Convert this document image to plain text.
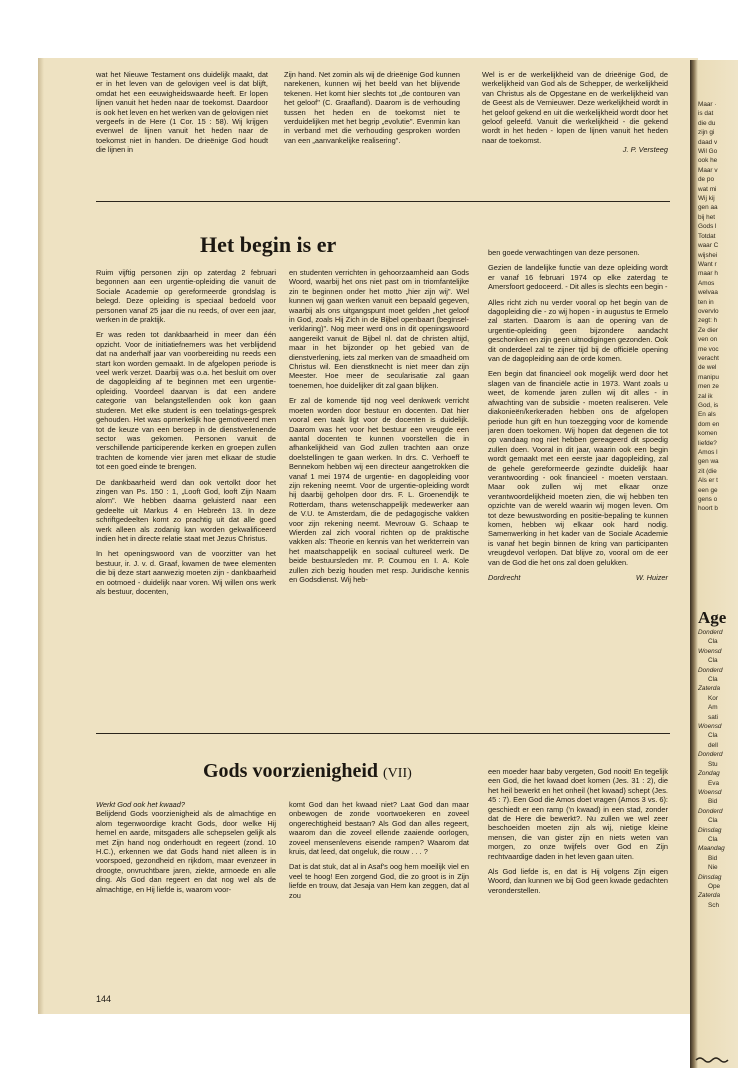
Maar ·
is dat
die du
zijn gi
daad v
Wil Go
ook he
Maar v
de po
wat mi
Wij kij
gen aa
bij het
Gods l
Totdat
waar C
wijshei
Want r
maar h
Amos
welvaa
ten in
overvlo
zegt: h
Ze dier
ven on
me voc
veracht
de wel
manipu
men ze
zal ik
God, is
En als
dom en
komen
liefde?
Amos l
gen wa
zit (die
Als er t
een ge
gens o
hoort b
Age
Donderd
Cla
Woensd
Cla
Donderd
Cla
Zaterda
Kor
Am
sati
Woensd
Cla
dell
Donderd
Stu
Zondag
Eva
Woensd
Bid
Donderd
Cla
Dinsdag
Cla
Maandag
Bid
Nie
Dinsdag
Ope
Zaterda
Sch

wat het Nieuwe Testament ons duidelijk maakt, dat er in het leven van de gelovigen veel is dat blijft, omdat het een eeuwigheidswaarde heeft. Er lopen lijnen vanuit het heden naar de toekomst. Daardoor is ook het leven en het werken van de gelovigen niet vergeefs in de Here (1 Cor. 15 : 58). Wij krijgen evenwel de lijnen vanuit het heden naar de toekomst niet in handen. De drieënige God houdt die lijnen in

Zijn hand. Net zomin als wij de drieënige God kunnen narekenen, kunnen wij het beeld van het blijvende tekenen. Het komt hier slechts tot „de contouren van het geloof" (C. Graafland). Daarom is de verhouding tussen het heden en de toekomst niet te verduidelijken met het begrip „evolutie". Evenmin kan in verband met die verhouding gesproken worden van een „aanvankelijke realisering".

Wel is er de werkelijkheid van de drieënige God, de werkelijkheid van God als de Schepper, de werkelijkheid van Christus als de Opgestane en de werkelijkheid van de Geest als de Vernieuwer. Deze werkelijkheid wordt in het geloof gekend en uit die werkelijkheid wordt door het geloof geleefd. Vanuit die werkelijkheid - die gekend wordt in het heden - lopen de lijnen vanuit het heden naar de toekomst.

J. P. Versteeg

Het begin is er

Ruim vijftig personen zijn op zaterdag 2 februari begonnen aan een urgentie-opleiding die vanuit de Sociale Academie op gereformeerde grondslag is belegd. Deze opleiding is speciaal bedoeld voor personen vanaf 25 jaar die nu reeds, of over een jaar, werken in de praktijk.

Er was reden tot dankbaarheid in meer dan één opzicht. Voor de initiatiefnemers was het verblijdend dat na anderhalf jaar van voorbereiding nu reeds een start kon worden gemaakt. In de afgelopen periode is veel werk verzet. Daarbij was o.a. het besluit om over de dagopleiding af te beginnen met een urgentie-opleiding. Voordeel daarvan is dat een andere categorie van belangstellenden ook kon gaan studeren. Met elke student is een toelatings-gesprek gehouden. Het was opmerkelijk hoe gemotiveerd men tot de keuze van een beroep in de dienstverlenende sector was gekomen. Personen vanuit de verschillende participerende kerken en groepen zullen trachten de komende vier jaren met elkaar de studie tot een goed einde te brengen.

De dankbaarheid werd dan ook vertolkt door het zingen van Ps. 150 : 1, „Looft God, looft Zijn Naam alom". We hebben daarna geluisterd naar een gedeelte uit Markus 4 en Hebreën 13. In deze schriftgedeelten komt zo prachtig uit dat alle goed werk alleen als zodanig kan worden gekwalificeerd indien het in directe relatie staat met Jezus Christus.

In het openingswoord van de voorzitter van het bestuur, ir. J. v. d. Graaf, kwamen de twee elementen die bij deze start aanwezig moeten zijn - dankbaarheid en ootmoed - duidelijk naar voren. Wij willen ons werk als bestuur, docenten,

en studenten verrichten in gehoorzaamheid aan Gods Woord, waarbij het ons niet past om in triomfantelijke zin te beginnen onder het motto „hier zijn wij". Wel kunnen wij gaan werken vanuit een bepaald gegeven, waarbij als ons uitgangspunt moet gelden „het geloof in God, zoals Hij Zich in de Bijbel openbaart (beginsel-verklaring)". Nog meer werd ons in dit openingswoord aangereikt vanuit de Bijbel nl. dat de christen altijd, maar in het bijzonder op het gebied van de dienstverlening, iets zal merken van de smaadheid om Christus wil. Een dienstknecht is niet meer dan zijn Meester. Hoe meer de secularisatie zal gaan toenemen, hoe duidelijker dit zal gaan blijken.

Er zal de komende tijd nog veel denkwerk verricht moeten worden door bestuur en docenten. Dat hier vooral een taak ligt voor de docenten is duidelijk. Daarom was het voor het bestuur een vreugde een aantal docenten te kunnen voorstellen die in afhankelijkheid van God zullen trachten aan onze doelstellingen te gaan werken. In drs. C. Verhoeff te Bennekom hebben wij een directeur aangetrokken die vanaf 1 mei 1974 de urgentie- en dagopleiding voor zijn rekening neemt. Voor de urgentie-opleiding wordt hij daarbij geholpen door drs. F. L. Groenendijk te Rotterdam, thans wetenschappelijk medewerker aan de V.U. te Amsterdam, die de pedagogische vakken voor zijn rekening neemt. Mevrouw G. Schaap te Wierden zal zich vooral richten op de praktische vakken als: Theorie en kennis van het werkterrein van het maatschappelijk en sociaal cultureel werk. De beide bestuursleden mr. P. Coumou en I. A. Kole zullen zich bezig houden met resp. Juridische kennis en Godsdienst. Wij heb-

ben goede verwachtingen van deze personen.

Gezien de landelijke functie van deze opleiding wordt er vanaf 16 februari 1974 op elke zaterdag te Amersfoort gedoceerd. - Dit alles is slechts een begin -

Alles richt zich nu verder vooral op het begin van de dagopleiding die - zo wij hopen - in augustus te Ermelo zal starten. Daarom is aan de opening van de urgentie-opleiding geen bijzondere aandacht geschonken en zijn geen uitnodigingen gezonden. Ook dit onderdeel zal te zijner tijd bij de officiële opening van de dagopleiding aan de orde komen.

Een begin dat financieel ook mogelijk werd door het slagen van de financiële actie in 1973. Want zoals u weet, de komende jaren zullen wij dit alles - in afwachting van de subsidie - moeten realiseren. Vele diakonieën/kerkeraden hebben ons de afgelopen periode hun gift en hun toezegging voor de komende jaren doen toekomen. Wij hopen dat degenen die tot op vandaag nog niet hebben gereageerd dit spoedig zullen doen. Vooral in dit jaar, waarin ook een begin wordt gemaakt met een eerste jaar dagopleiding, zal de gehele gereformeerde gezindte duidelijk haar verantwoording - ook financieel - moeten verstaan. Maar ook zullen wij met elkaar onze verantwoordelijkheid moeten zien, die wij hebben ten opzichte van de wereld waarin wij mogen leven. Om tot deze bewustwording en positie-bepaling te kunnen komen, hebben wij elkaar ook hard nodig. Samenwerking in het kader van de Sociale Academie is vanaf het begin binnen de kring van participanten vreugdevol verlopen. Dat blijve zo, vooral om de eer van de God die het ons zal doen gelukken.

Dordrecht	W. Huizer
Gods voorzienigheid (VII)

Werkt God ook het kwaad?

Belijdend Gods voorzienigheid als de almachtige en alom tegenwoordige kracht Gods, door welke Hij hemel en aarde, mitsgaders alle schepselen gelijk als met Zijn hand nog onderhoudt en regeert (zond. 10 H.C.), erkennen we dat Gods hand niet alleen is in voorspoed, gezondheid en rijkdom, maar evenzeer in droogte, onvruchtbare jaren, ziekte, armoede en alle ding. Als God dan regeert en dat nog wel als de almachtige, en Hij liefde is, waarom voor-

komt God dan het kwaad niet? Laat God dan maar onbewogen de zonde voortwoekeren en zoveel ongerechtigheid bestaan? Als God dan alles regeert, waarom dan die zoveel ellende zaaiende oorlogen, zoveel mensenlevens eisende rampen? Waarom dat kruis, dat leed, dat ongeluk, die rouw . . . ?

Dat is dat stuk, dat al in Asaf's oog hem moeilijk viel en veel te hoog! Een zorgend God, die zo groot is in Zijn liefde en trouw, dat Jesaja van Hem kan zeggen, dat al zou

een moeder haar baby vergeten, God nooit! En tegelijk een God, die het kwaad doet komen (Jes. 31 : 2), die het heil bewerkt en het onheil (het kwaad) schept (Jes. 45 : 7). Een God die Amos doet vragen (Amos 3 vs. 6): geschiedt er een ramp ('n kwaad) in een stad, zonder dat de Here die bewerkt?. Nu zullen we wel zeer beschoeiden moeten zijn als wij, nietige kleine mensen, die van gister zijn en niets weten van morgen, zo onze twijfels over God en Zijn rechtvaardige daden in het leven gaan uiten.

Als God liefde is, en dat is Hij volgens Zijn eigen Woord, dan kunnen we bij God geen kwade gedachten veronderstellen.

144
